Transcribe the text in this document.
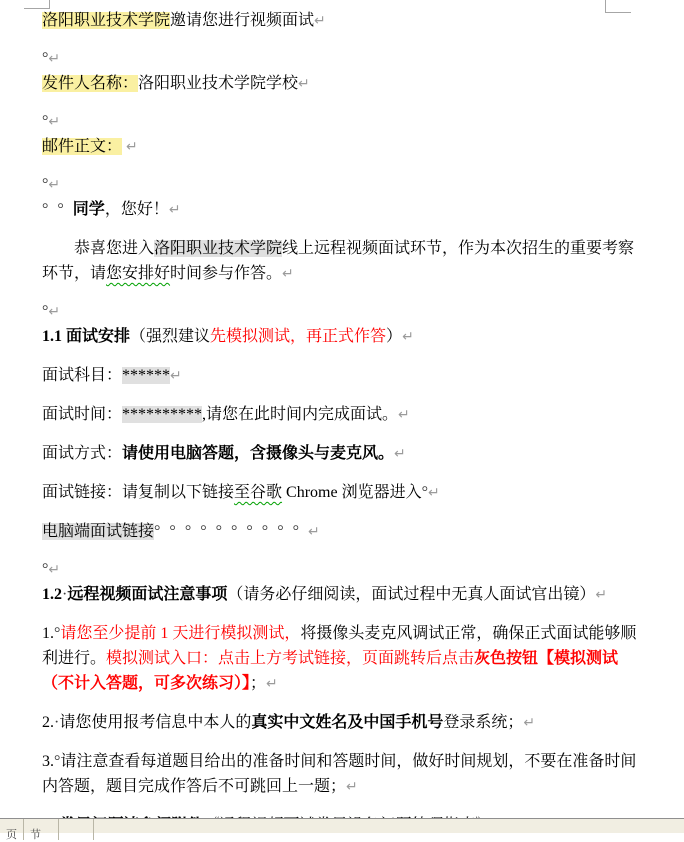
洛阳职业技术学院邀请您进行视频面试↵
°↵
发件人名称：洛阳职业技术学院学校↵
°↵
邮件正文： ↵
°↵
°°同学，您好！↵
恭喜您进入洛阳职业技术学院线上远程视频面试环节，作为本次招生的重要考察环节，请您安排好时间参与作答。↵
°↵
1.1 面试安排（强烈建议先模拟测试，再正式作答）↵
面试科目：******↵
面试时间：**********,请您在此时间内完成面试。↵
面试方式：请使用电脑答题，含摄像头与麦克风。↵
面试链接：请复制以下链接至谷歌 Chrome 浏览器进入°↵
电脑端面试链接°°°°°°°°°°↵
°↵
1.2·远程视频面试注意事项（请务必仔细阅读，面试过程中无真人面试官出镜）↵
1.°请您至少提前 1 天进行模拟测试，将摄像头麦克风调试正常，确保正式面试能够顺利进行。模拟测试入口：点击上方考试链接，页面跳转后点击灰色按钮【模拟测试（不计入答题，可多次练习）】；↵
2.·请您使用报考信息中本人的真实中文姓名及中国手机号登录系统；↵
3.°请注意查看每道题目给出的准备时间和答题时间，做好时间规划，不要在准备时间内答题，题目完成作答后不可跳回上一题；↵
页	节
